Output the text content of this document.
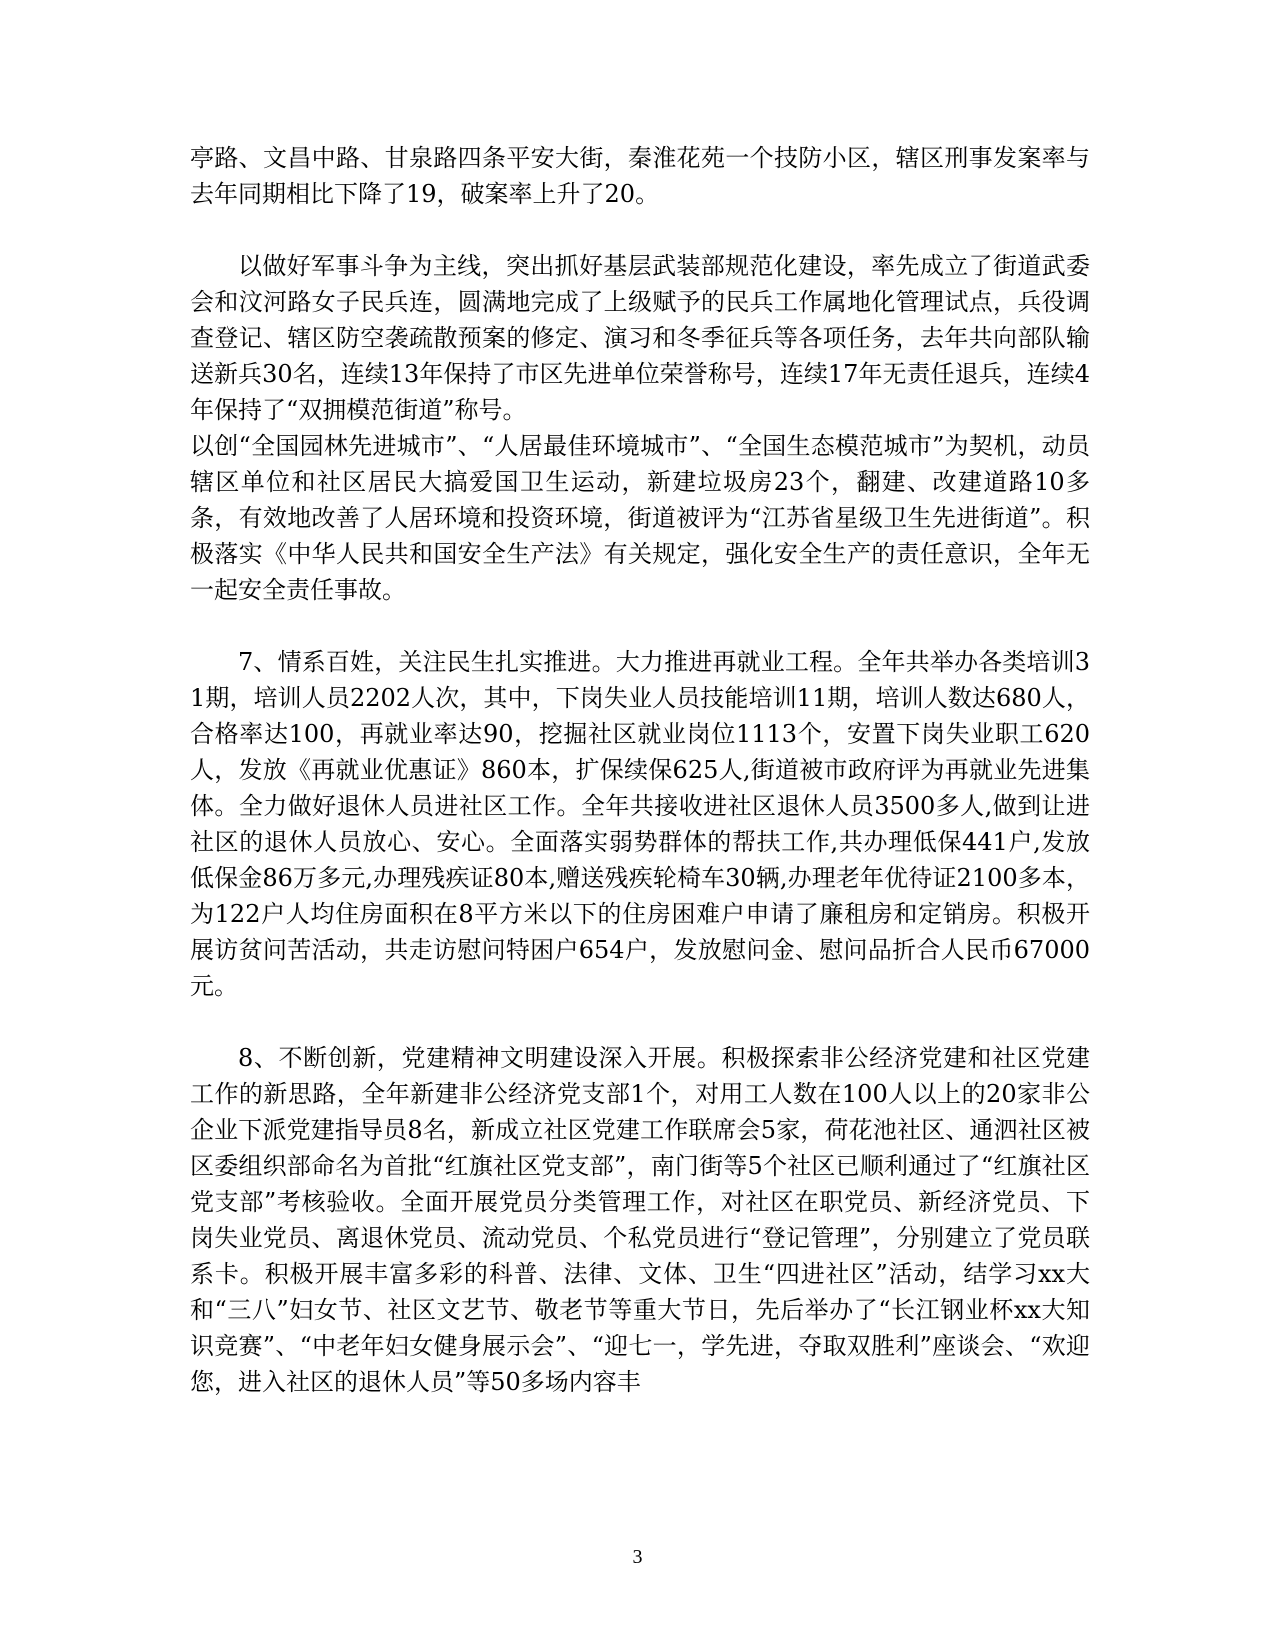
亭路、文昌中路、甘泉路四条平安大街，秦淮花苑一个技防小区，辖区刑事发案率与去年同期相比下降了19，破案率上升了20。

以做好军事斗争为主线，突出抓好基层武装部规范化建设，率先成立了街道武委会和汶河路女子民兵连，圆满地完成了上级赋予的民兵工作属地化管理试点，兵役调查登记、辖区防空袭疏散预案的修定、演习和冬季征兵等各项任务，去年共向部队输送新兵30名，连续13年保持了市区先进单位荣誉称号，连续17年无责任退兵，连续4年保持了“双拥模范街道”称号。

以创“全国园林先进城市”、“人居最佳环境城市”、“全国生态模范城市”为契机，动员辖区单位和社区居民大搞爱国卫生运动，新建垃圾房23个，翻建、改建道路10多条，有效地改善了人居环境和投资环境，街道被评为“江苏省星级卫生先进街道”。积极落实《中华人民共和国安全生产法》有关规定，强化安全生产的责任意识，全年无一起安全责任事故。

7、情系百姓，关注民生扎实推进。大力推进再就业工程。全年共举办各类培训31期，培训人员2202人次，其中，下岗失业人员技能培训11期，培训人数达680人，合格率达100，再就业率达90，挖掘社区就业岗位1113个，安置下岗失业职工620人，发放《再就业优惠证》860本，扩保续保625人,街道被市政府评为再就业先进集体。全力做好退休人员进社区工作。全年共接收进社区退休人员3500多人,做到让进社区的退休人员放心、安心。全面落实弱势群体的帮扶工作,共办理低保441户,发放低保金86万多元,办理残疾证80本,赠送残疾轮椅车30辆,办理老年优待证2100多本，为122户人均住房面积在8平方米以下的住房困难户申请了廉租房和定销房。积极开展访贫问苦活动，共走访慰问特困户654户，发放慰问金、慰问品折合人民币67000元。

8、不断创新，党建精神文明建设深入开展。积极探索非公经济党建和社区党建工作的新思路，全年新建非公经济党支部1个，对用工人数在100人以上的20家非公企业下派党建指导员8名，新成立社区党建工作联席会5家，荷花池社区、通泗社区被区委组织部命名为首批“红旗社区党支部”，南门街等5个社区已顺利通过了“红旗社区党支部”考核验收。全面开展党员分类管理工作，对社区在职党员、新经济党员、下岗失业党员、离退休党员、流动党员、个私党员进行“登记管理”，分别建立了党员联系卡。积极开展丰富多彩的科普、法律、文体、卫生“四进社区”活动，结学习xx大和“三八”妇女节、社区文艺节、敬老节等重大节日，先后举办了“长江钢业杯xx大知识竞赛”、“中老年妇女健身展示会”、“迎七一，学先进，夺取双胜利”座谈会、“欢迎您，进入社区的退休人员”等50多场内容丰

3
